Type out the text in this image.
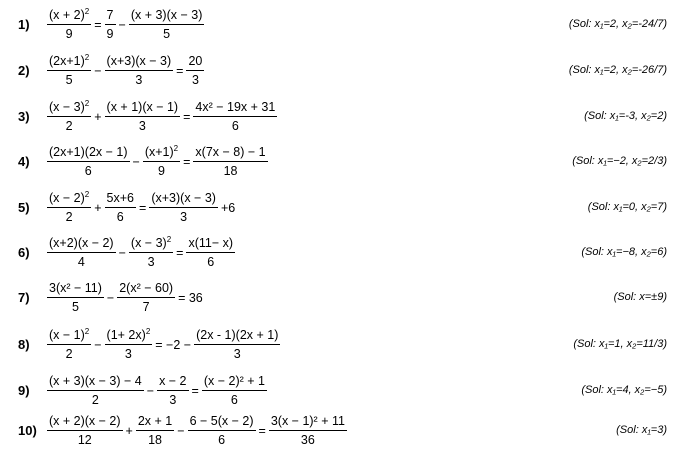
$1) \frac{(x + 2)^2}{9} = \frac{7}{9} - \frac{(x + 3)(x - 3)}{5}$	(Sol: x₁=2, x₂=-24/7)
$2) \frac{(2x+1)^2}{5} - \frac{(x+3)(x - 3)}{3} = \frac{20}{3}$	(Sol: x₁=2, x₂=-26/7)
$3) \frac{(x - 3)^2}{2} + \frac{(x + 1)(x - 1)}{3} = \frac{\text{4x² − 19x + 31}}{6}$	(Sol: x₁=-3, x₂=2)
$4) \frac{(2x+1)(2x - 1)}{6} - \frac{(x+1)^2}{9} = \frac{x(7x - 8) - 1}{18}$	(Sol: x₁=−2, x₂=2/3)
$5) \frac{(x - 2)^2}{2} + \frac{5x+6}{6} = \frac{(x+3)(x - 3)}{3} +6$	(Sol: x₁=0, x₂=7)
$6) \frac{(x+2)(x - 2)}{4} - \frac{(x - 3)^2}{3} = \frac{x(11- x)}{6}$	(Sol: x₁=−8, x₂=6)
$7) \frac{\text{3(x² − 11)}}{5} - \frac{\text{2(x² − 60)}}{7} = 36$	(Sol: x=±9)
$8) \frac{(x - 1)^2}{2} - \frac{(1+ 2x)^2}{3} = -2 - \frac{(2x - 1)(2x + 1)}{3}$	(Sol: x₁=1, x₂=11/3)
$9) \frac{(x + 3)(x - 3) - 4}{2} - \frac{x - 2}{3} = \frac{\text{(x − 2)² + 1}}{6}$	(Sol: x₁=4, x₂=−5)
$10) \frac{(x + 2)(x - 2)}{12} + \frac{2x + 1}{18} - \frac{6 - 5(x - 2)}{6} = \frac{\text{3(x − 1)² + 11}}{36}$	(Sol: x₁=3)
